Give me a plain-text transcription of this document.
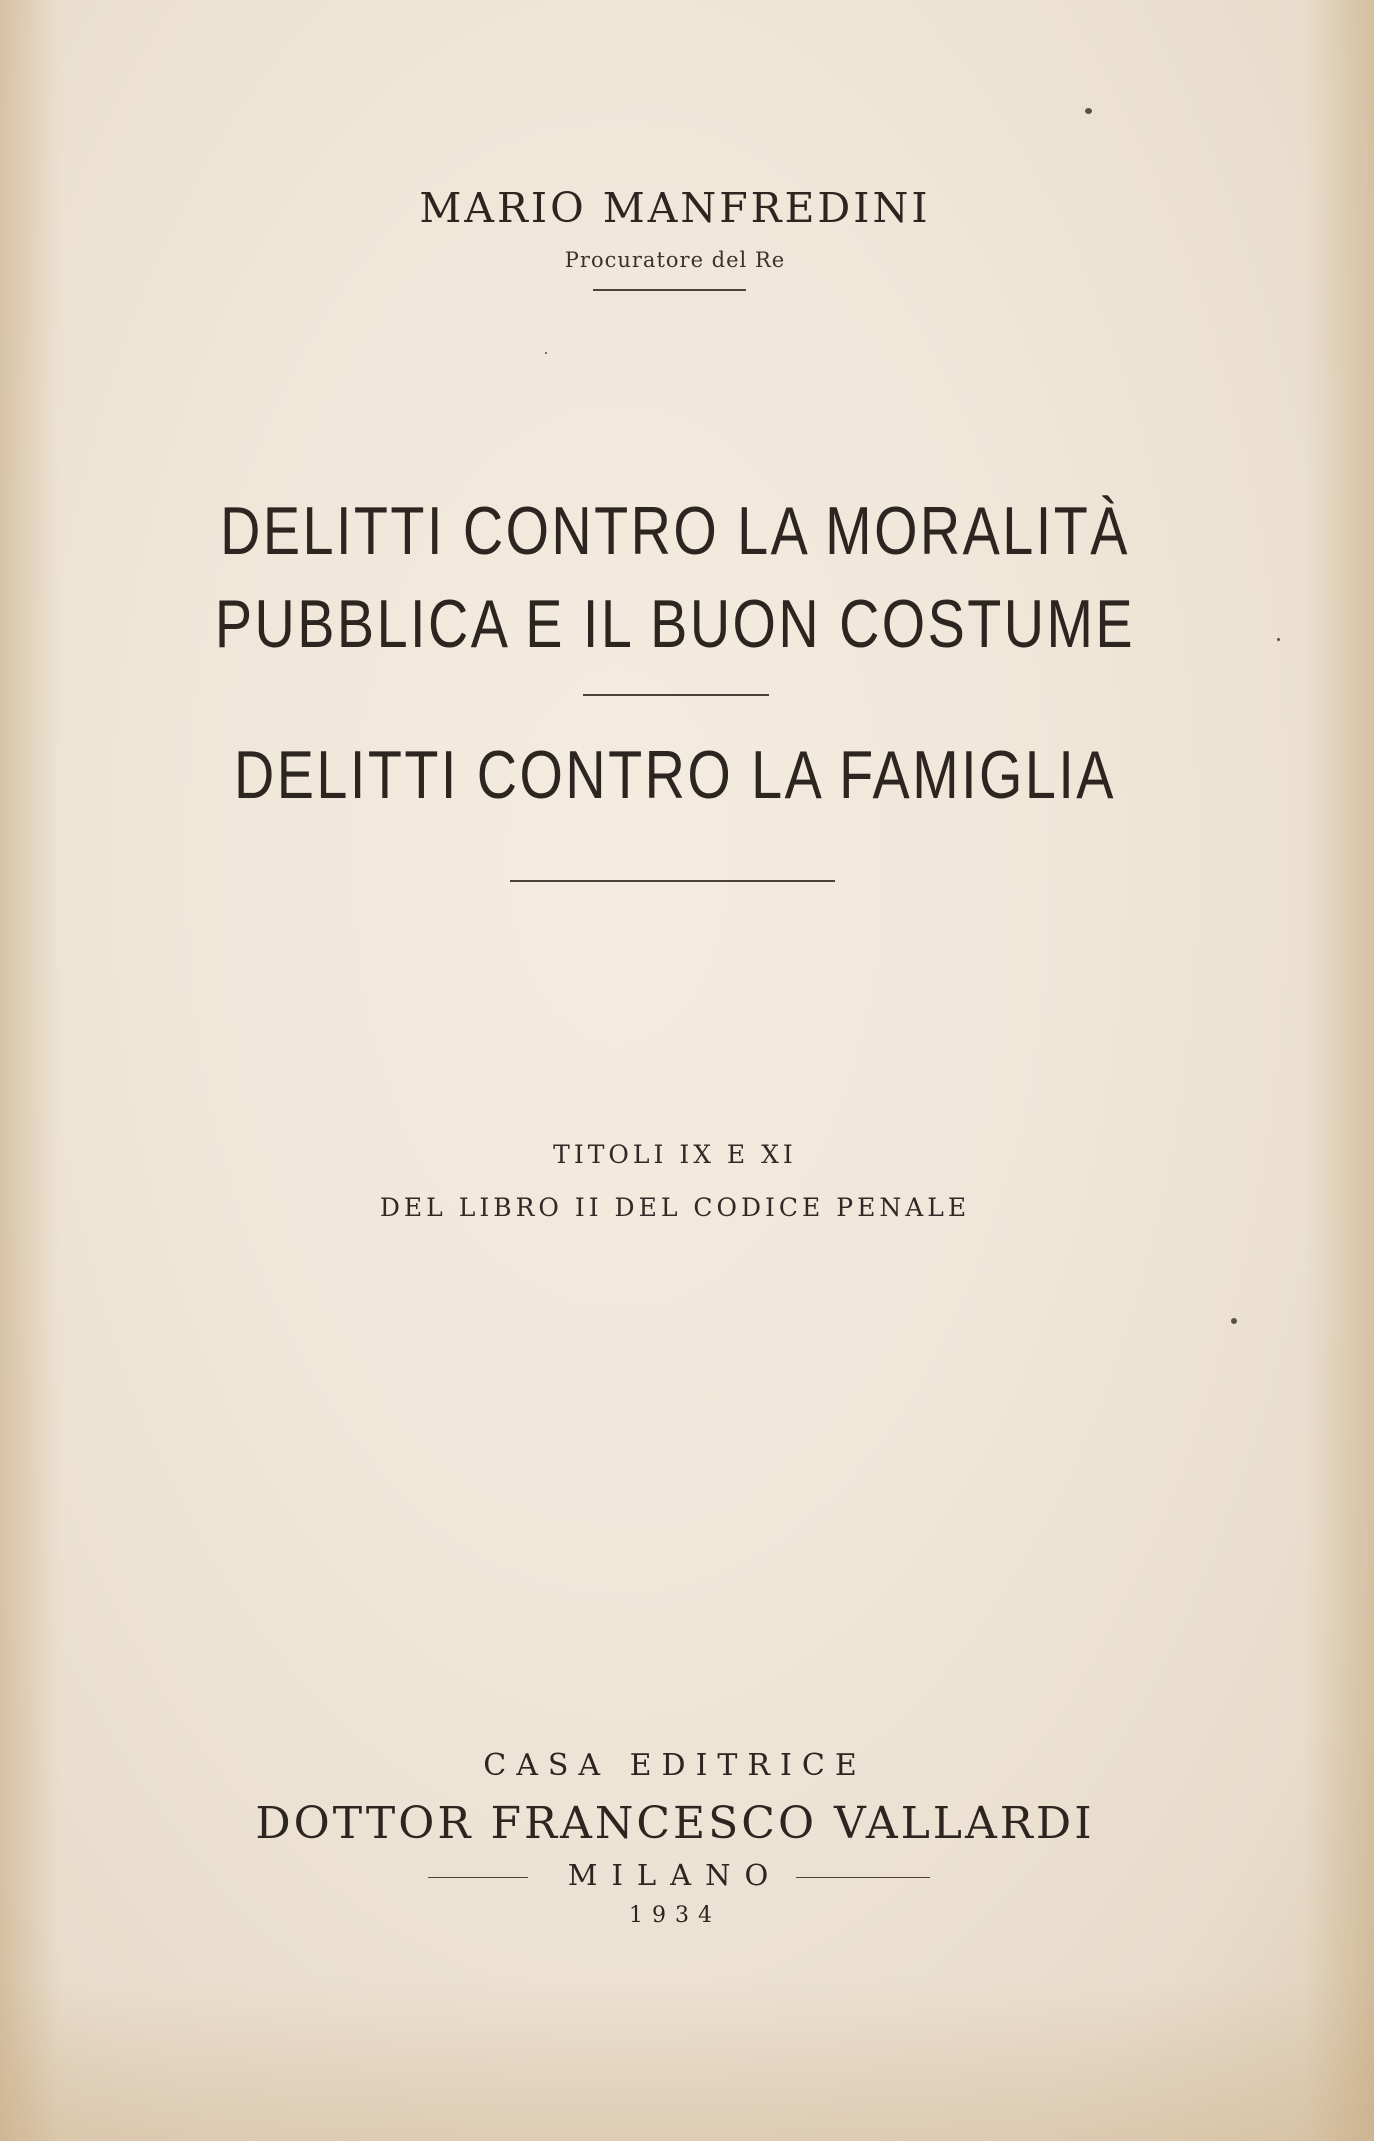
MARIO MANFREDINI
Procuratore del Re
DELITTI CONTRO LA MORALITÀ
PUBBLICA E IL BUON COSTUME
DELITTI CONTRO LA FAMIGLIA
TITOLI IX E XI
DEL LIBRO II DEL CODICE PENALE
CASA EDITRICE
DOTTOR FRANCESCO VALLARDI
MILANO
1934
